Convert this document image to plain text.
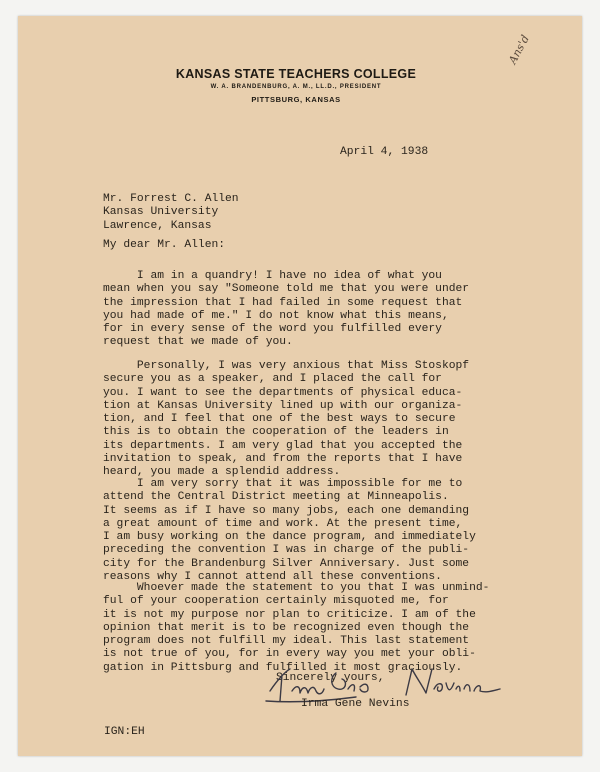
KANSAS STATE TEACHERS COLLEGE
W. A. BRANDENBURG, A. M., LL.D., PRESIDENT
PITTSBURG, KANSAS
Ans'd
April 4, 1938
Mr. Forrest C. Allen
Kansas University
Lawrence, Kansas
My dear Mr. Allen:
I am in a quandry! I have no idea of what you
mean when you say "Someone told me that you were under
the impression that I had failed in some request that
you had made of me." I do not know what this means,
for in every sense of the word you fulfilled every
request that we made of you.
Personally, I was very anxious that Miss Stoskopf
secure you as a speaker, and I placed the call for
you. I want to see the departments of physical educa-
tion at Kansas University lined up with our organiza-
tion, and I feel that one of the best ways to secure
this is to obtain the cooperation of the leaders in
its departments. I am very glad that you accepted the
invitation to speak, and from the reports that I have
heard, you made a splendid address.
I am very sorry that it was impossible for me to
attend the Central District meeting at Minneapolis.
It seems as if I have so many jobs, each one demanding
a great amount of time and work. At the present time,
I am busy working on the dance program, and immediately
preceding the convention I was in charge of the publi-
city for the Brandenburg Silver Anniversary. Just some
reasons why I cannot attend all these conventions.
Whoever made the statement to you that I was unmind-
ful of your cooperation certainly misquoted me, for
it is not my purpose nor plan to criticize. I am of the
opinion that merit is to be recognized even though the
program does not fulfill my ideal. This last statement
is not true of you, for in every way you met your obli-
gation in Pittsburg and fulfilled it most graciously.
Sincerely yours,
Irma Gene Nevins
IGN:EH
